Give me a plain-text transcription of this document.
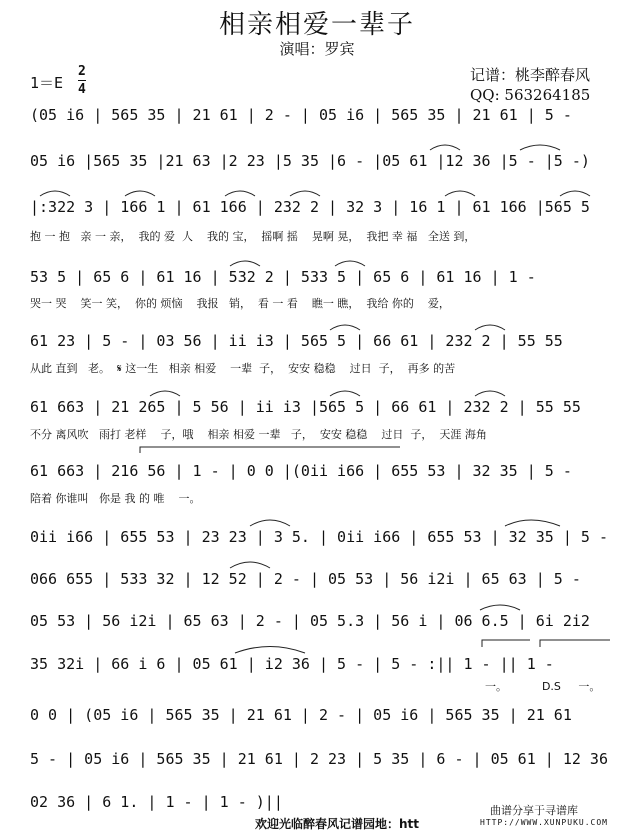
相亲相爱一辈子
演唱：罗宾
记谱：桃李醉春风
QQ: 563264185
1＝E
2
4
(05 i6 | 565 35 | 21 61 | 2 - | 05 i6 | 565 35 | 21 61 | 5 -
05 i6 |565 35 |21 63 |2 23 |5 35 |6 - |05 61 |12 36 |5 - |5 -)
|:322 3 | 166 1 | 61 166 | 232 2 | 32 3 | 16 1 | 61 166 |565 5
抱 一 抱   亲 一 亲，  我的 爱  人    我的 宝，  摇啊 摇    晃啊 晃，  我把 幸 福   全送 到，
53 5 | 65 6 | 61 16 | 532 2 | 533 5 | 65 6 | 61 16 | 1 -
哭一 哭    笑一 笑，  你的 烦恼    我报   销，  看 一 看    瞧一 瞧，  我给 你的    爱，
61 23 | 5 - | 03 56 | ii i3 | 565 5 | 66 61 | 232 2 | 55 55
从此 直到   老。  𝄋 这一生   相亲 相爱    一辈  子，  安安 稳稳    过日  子，  再多 的苦
61 663 | 21 265 | 5 56 | ii i3 |565 5 | 66 61 | 232 2 | 55 55
不分 离风吹   雨打 老样    子，哦    相亲 相爱 一辈   子，  安安 稳稳    过日  子，  天涯 海角
61 663 | 216 56 | 1 - | 0 0 |(0ii i66 | 655 53 | 32 35 | 5 -
陪着 你谁叫   你是 我 的 唯    一。
0ii i66 | 655 53 | 23 23 | 3 5. | 0ii i66 | 655 53 | 32 35 | 5 -
066 655 | 533 32 | 12 52 | 2 - | 05 53 | 56 i2i | 65 63 | 5 -
05 53 | 56 i2i | 65 63 | 2 - | 05 5.3 | 56 i | 06 6.5 | 6i 2i2
35 32i | 66 i 6 | 05 61 | i2 36 | 5 - | 5 - :|| 1 - || 1 -
一。          D.S     一。
0 0 | (05 i6 | 565 35 | 21 61 | 2 - | 05 i6 | 565 35 | 21 61
5 - | 05 i6 | 565 35 | 21 61 | 2 23 | 5 35 | 6 - | 05 61 | 12 36
02 36 | 6 1. | 1 - | 1 - )||
欢迎光临醉春风记谱园地：htt
曲谱分享于寻谱库
HTTP://WWW.XUNPUKU.COM
